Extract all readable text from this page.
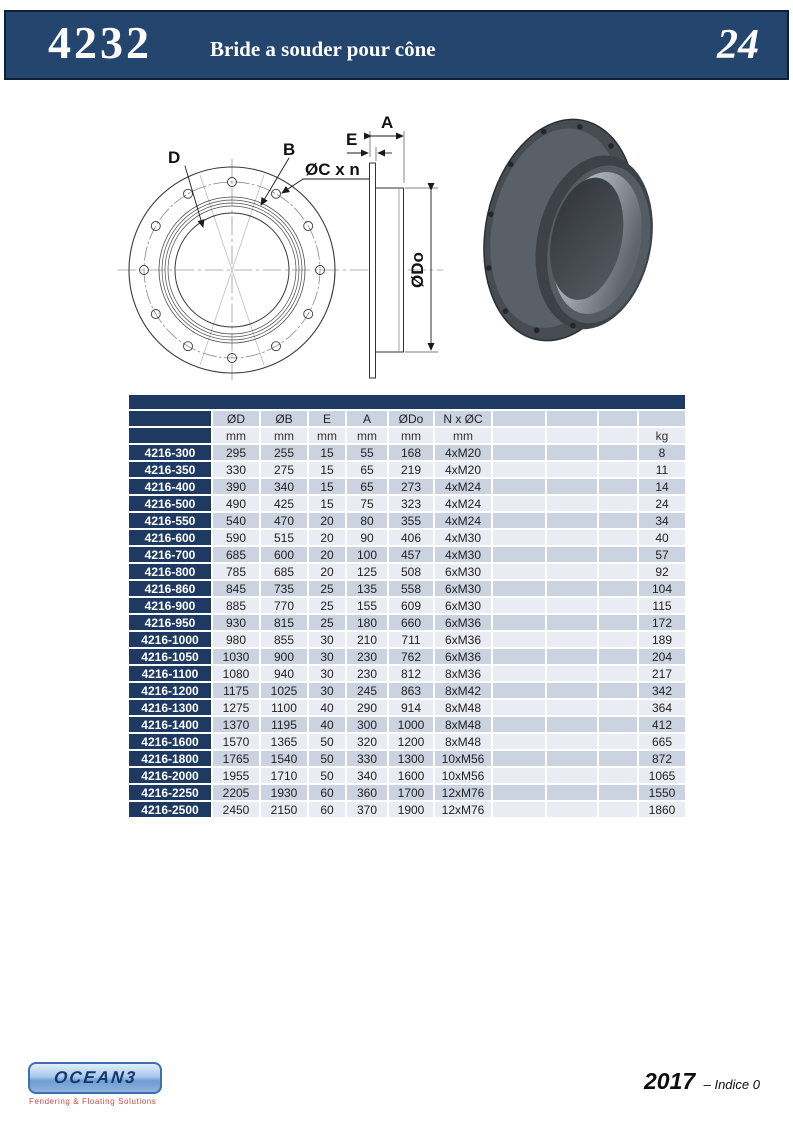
4232	Bride a souder pour cône	24
D	B
ØC x n
A
E
ØDo

	ØD	ØB	E	A	ØDo	N x ØC				
	mm	mm	mm	mm	mm	mm				kg
4216-300	295	255	15	55	168	4xM20				8
4216-350	330	275	15	65	219	4xM20				11
4216-400	390	340	15	65	273	4xM24				14
4216-500	490	425	15	75	323	4xM24				24
4216-550	540	470	20	80	355	4xM24				34
4216-600	590	515	20	90	406	4xM30				40
4216-700	685	600	20	100	457	4xM30				57
4216-800	785	685	20	125	508	6xM30				92
4216-860	845	735	25	135	558	6xM30				104
4216-900	885	770	25	155	609	6xM30				115
4216-950	930	815	25	180	660	6xM36				172
4216-1000	980	855	30	210	711	6xM36				189
4216-1050	1030	900	30	230	762	6xM36				204
4216-1100	1080	940	30	230	812	8xM36				217
4216-1200	1175	1025	30	245	863	8xM42				342
4216-1300	1275	1100	40	290	914	8xM48				364
4216-1400	1370	1195	40	300	1000	8xM48				412
4216-1600	1570	1365	50	320	1200	8xM48				665
4216-1800	1765	1540	50	330	1300	10xM56				872
4216-2000	1955	1710	50	340	1600	10xM56				1065
4216-2250	2205	1930	60	360	1700	12xM76				1550
4216-2500	2450	2150	60	370	1900	12xM76				1860
OCEAN3
Fendering & Floating Solutions
2017 – Indice 0
